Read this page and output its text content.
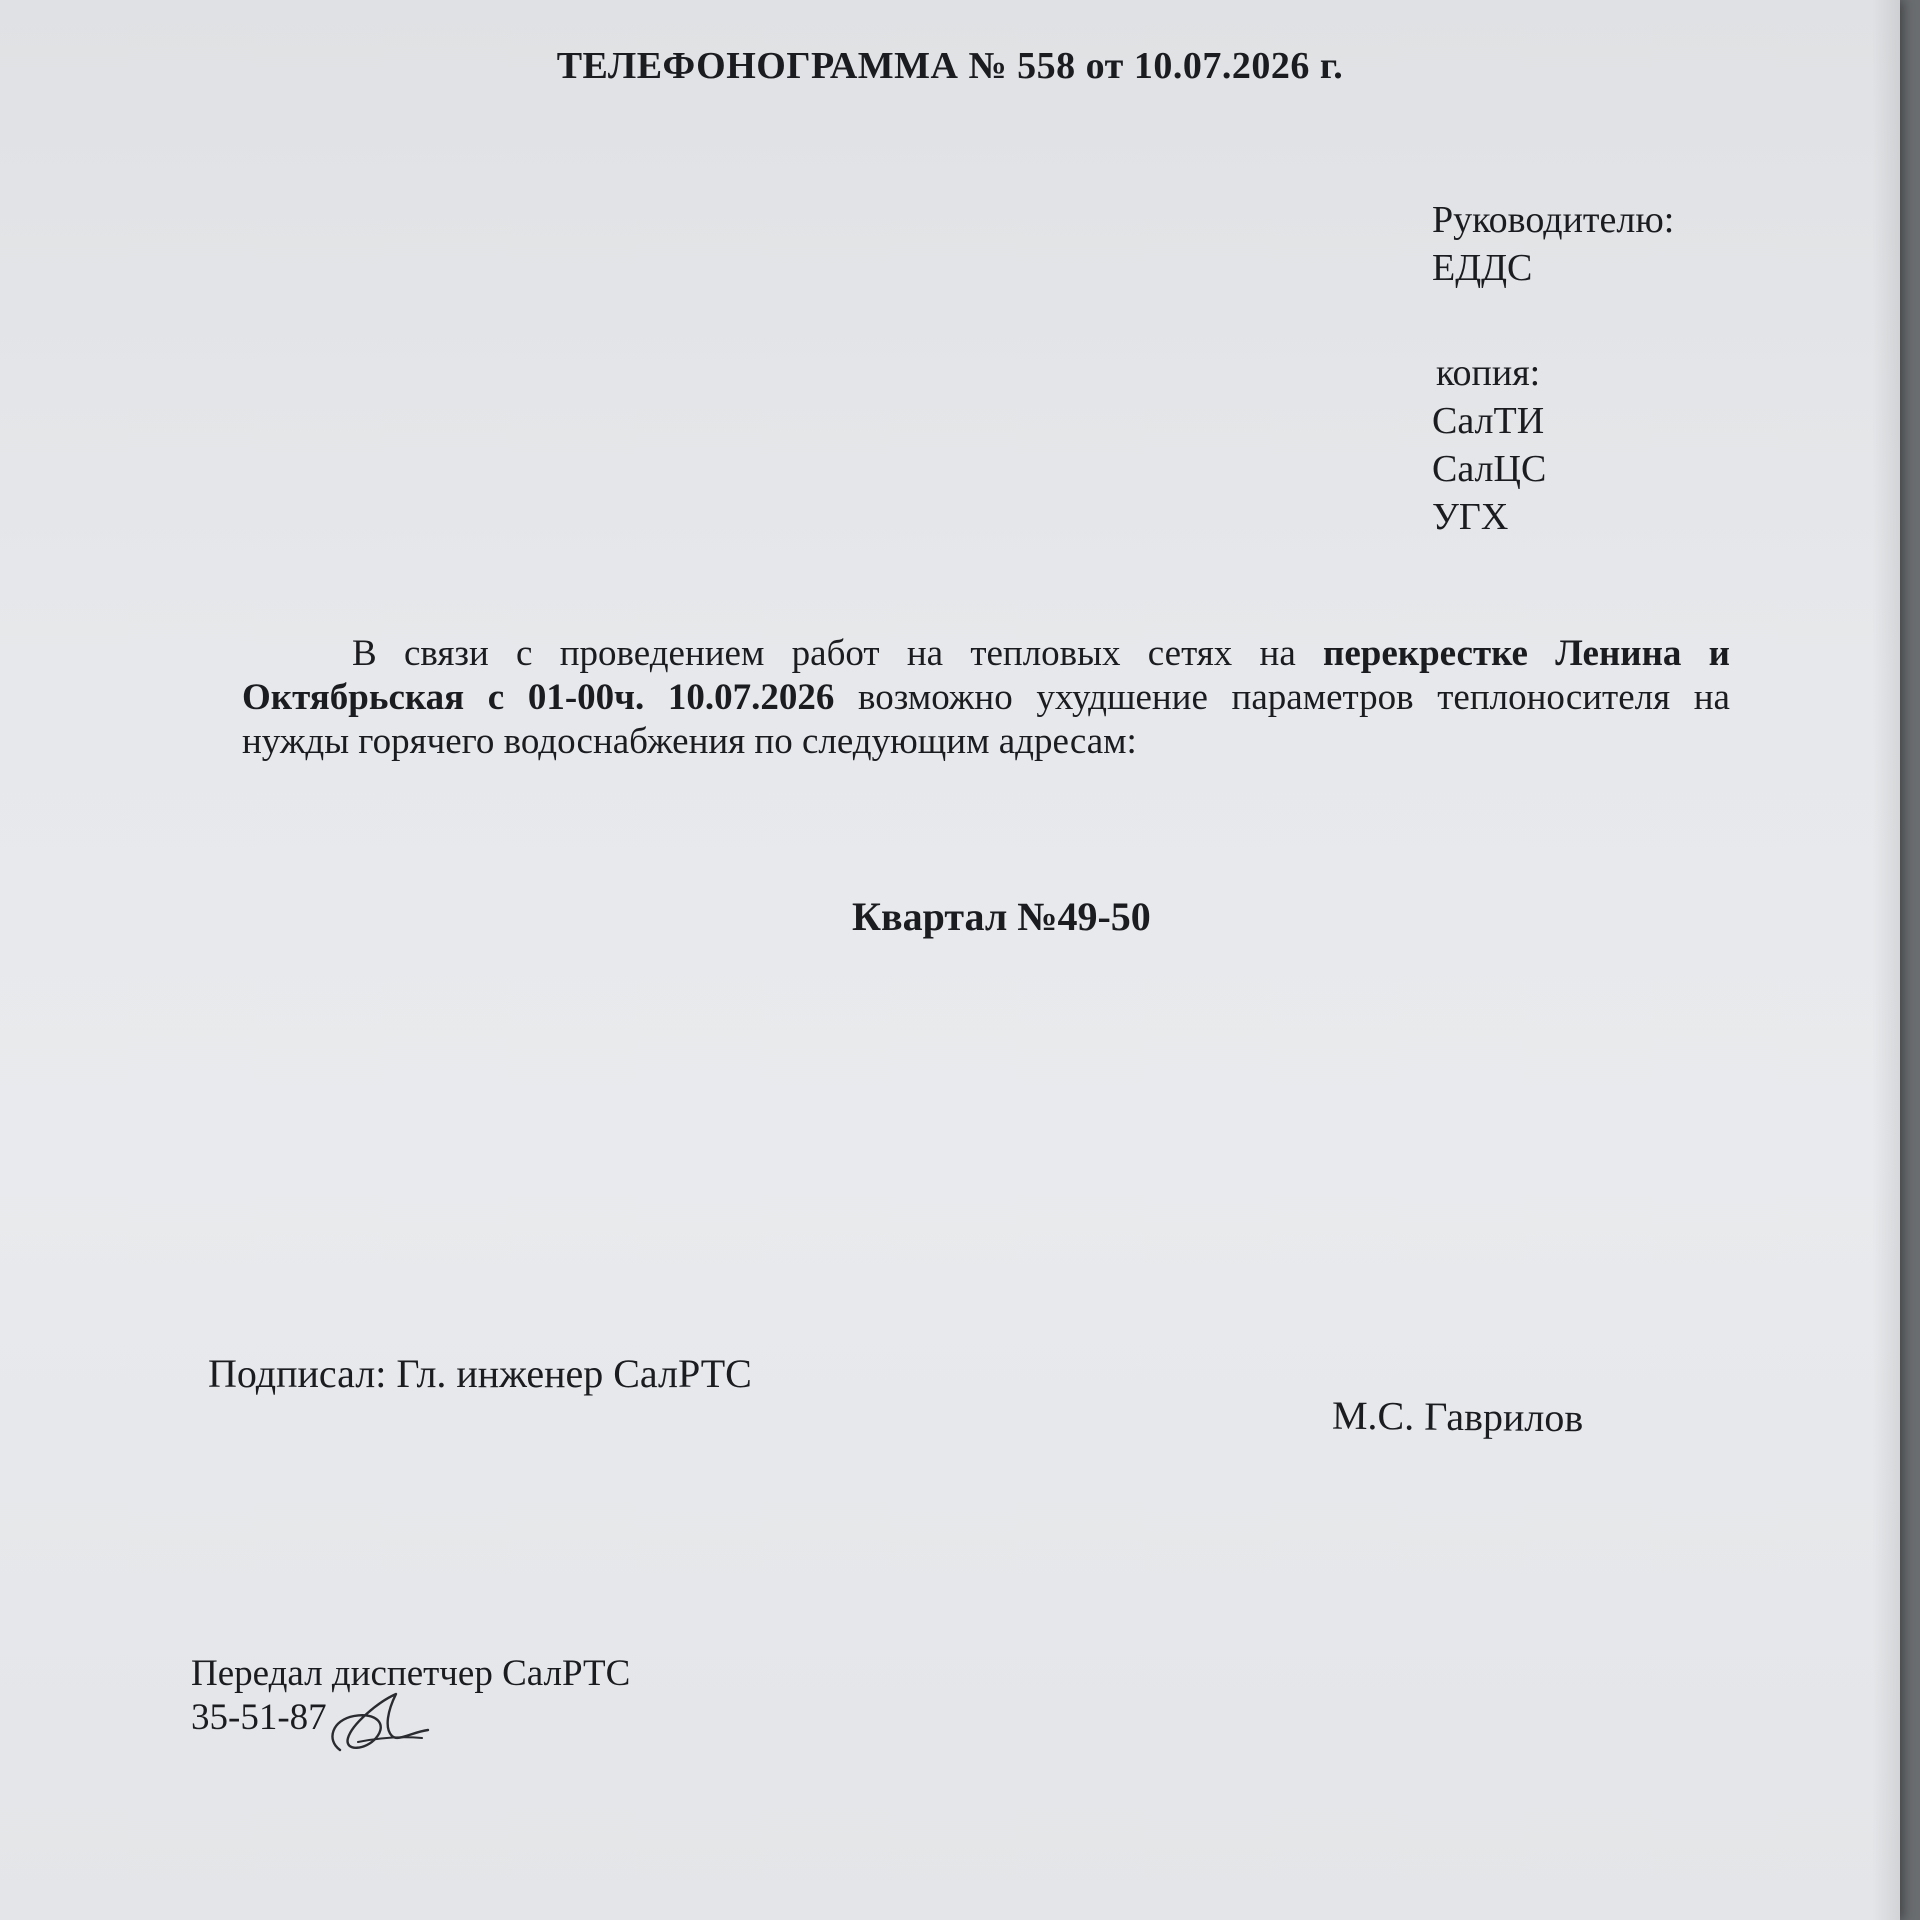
ТЕЛЕФОНОГРАММА № 558 от 10.07.2026 г.
Руководителю:
ЕДДС
копия:
СалТИ
СалЦС
УГХ
В связи с проведением работ на тепловых сетях на перекрестке Ленина и Октябрьская с 01-00ч. 10.07.2026 возможно ухудшение параметров теплоносителя на нужды горячего водоснабжения по следующим адресам:
Квартал №49-50
Подписал: Гл. инженер СалРТС
М.С. Гаврилов
Передал диспетчер СалРТС
35-51-87
